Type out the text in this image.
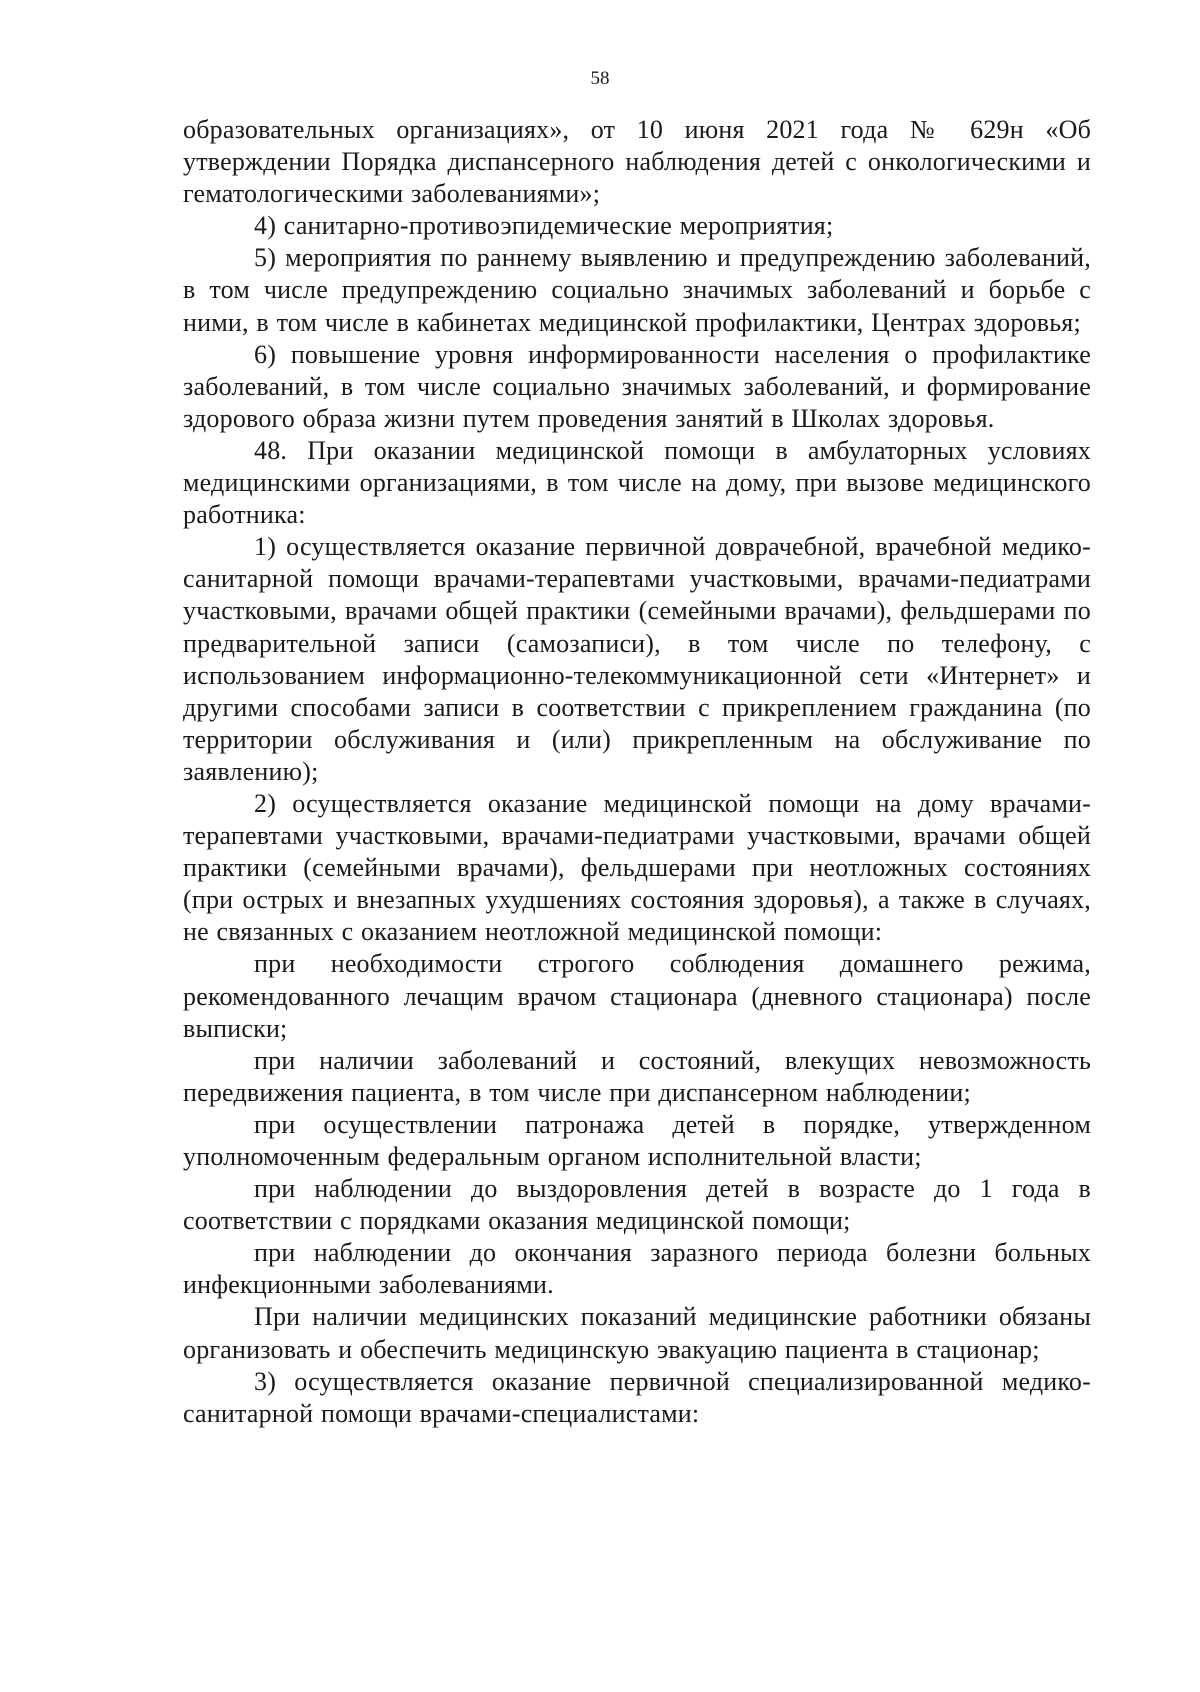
58

образовательных организациях», от 10 июня 2021 года № 629н «Об утверждении Порядка диспансерного наблюдения детей с онкологическими и гематологическими заболеваниями»;

4) санитарно-противоэпидемические мероприятия;

5) мероприятия по раннему выявлению и предупреждению заболеваний, в том числе предупреждению социально значимых заболеваний и борьбе с ними, в том числе в кабинетах медицинской профилактики, Центрах здоровья;

6) повышение уровня информированности населения о профилактике заболеваний, в том числе социально значимых заболеваний, и формирование здорового образа жизни путем проведения занятий в Школах здоровья.

48. При оказании медицинской помощи в амбулаторных условиях медицинскими организациями, в том числе на дому, при вызове медицинского работника:

1) осуществляется оказание первичной доврачебной, врачебной медико-санитарной помощи врачами-терапевтами участковыми, врачами-педиатрами участковыми, врачами общей практики (семейными врачами), фельдшерами по предварительной записи (самозаписи), в том числе по телефону, с использованием информационно-телекоммуникационной сети «Интернет» и другими способами записи в соответствии с прикреплением гражданина (по территории обслуживания и (или) прикрепленным на обслуживание по заявлению);

2) осуществляется оказание медицинской помощи на дому врачами-терапевтами участковыми, врачами-педиатрами участковыми, врачами общей практики (семейными врачами), фельдшерами при неотложных состояниях (при острых и внезапных ухудшениях состояния здоровья), а также в случаях, не связанных с оказанием неотложной медицинской помощи:

при необходимости строгого соблюдения домашнего режима, рекомендованного лечащим врачом стационара (дневного стационара) после выписки;

при наличии заболеваний и состояний, влекущих невозможность передвижения пациента, в том числе при диспансерном наблюдении;

при осуществлении патронажа детей в порядке, утвержденном уполномоченным федеральным органом исполнительной власти;

при наблюдении до выздоровления детей в возрасте до 1 года в соответствии с порядками оказания медицинской помощи;

при наблюдении до окончания заразного периода болезни больных инфекционными заболеваниями.

При наличии медицинских показаний медицинские работники обязаны организовать и обеспечить медицинскую эвакуацию пациента в стационар;

3) осуществляется оказание первичной специализированной медико-санитарной помощи врачами-специалистами:
